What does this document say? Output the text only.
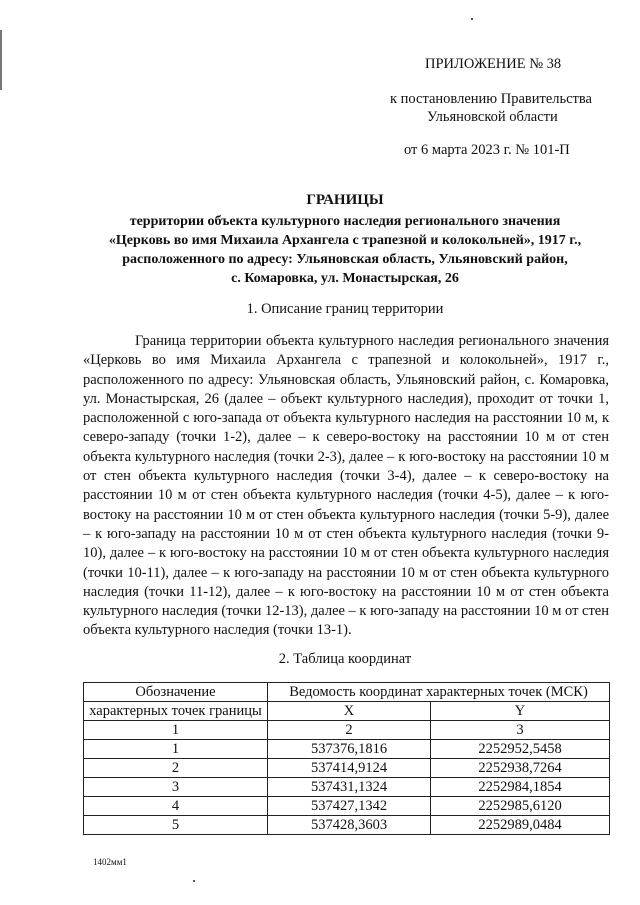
ПРИЛОЖЕНИЕ № 38
к постановлению Правительства
Ульяновской области
от 6 марта 2023 г. № 101-П
ГРАНИЦЫ
территории объекта культурного наследия регионального значения
«Церковь во имя Михаила Архангела с трапезной и колокольней», 1917 г.,
расположенного по адресу: Ульяновская область, Ульяновский район,
с. Комаровка, ул. Монастырская, 26
1. Описание границ территории

Граница территории объекта культурного наследия регионального значения «Церковь во имя Михаила Архангела с трапезной и колокольней», 1917 г., расположенного по адресу: Ульяновская область, Ульяновский район, с. Комаровка, ул. Монастырская, 26 (далее – объект культурного наследия), проходит от точки 1, расположенной с юго-запада от объекта культурного наследия на расстоянии 10 м, к северо-западу (точки 1-2), далее – к северо-востоку на расстоянии 10 м от стен объекта культурного наследия (точки 2-3), далее – к юго-востоку на расстоянии 10 м от стен объекта культурного наследия (точки 3-4), далее – к северо-востоку на расстоянии 10 м от стен объекта культурного наследия (точки 4-5), далее – к юго-востоку на расстоянии 10 м от стен объекта культурного наследия (точки 5-9), далее – к юго-западу на расстоянии 10 м от стен объекта культурного наследия (точки 9-10), далее – к юго-востоку на расстоянии 10 м от стен объекта культурного наследия (точки 10-11), далее – к юго-западу на расстоянии 10 м от стен объекта культурного наследия (точки 11-12), далее – к юго-востоку на расстоянии 10 м от стен объекта культурного наследия (точки 12-13), далее – к юго-западу на расстоянии 10 м от стен объекта культурного наследия (точки 13-1).

2. Таблица координат
Обозначение	Ведомость координат характерных точек (МСК)	
характерных точек границы	X	Y
1	2	3
1	537376,1816	2252952,5458
2	537414,9124	2252938,7264
3	537431,1324	2252984,1854
4	537427,1342	2252985,6120
5	537428,3603	2252989,0484
1402мм1
